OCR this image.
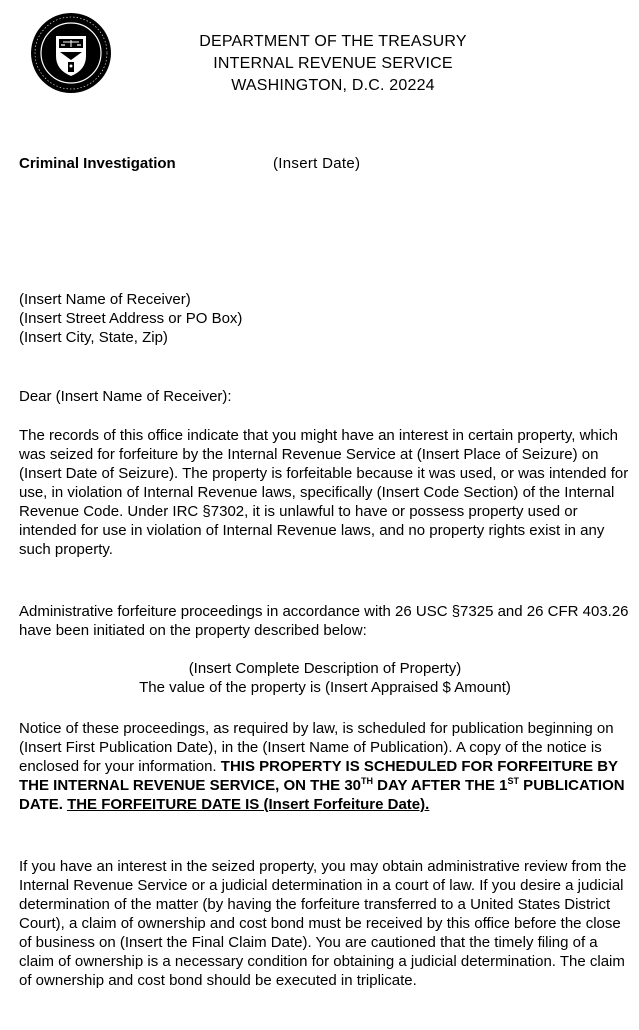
DEPARTMENT OF THE TREASURY
INTERNAL REVENUE SERVICE
WASHINGTON, D.C. 20224
Criminal Investigation	(Insert Date)
(Insert Name of Receiver)
(Insert Street Address or PO Box)
(Insert City, State, Zip)
Dear (Insert Name of Receiver):
The records of this office indicate that you might have an interest in certain property, which was seized for forfeiture by the Internal Revenue Service at (Insert Place of Seizure) on (Insert Date of Seizure). The property is forfeitable because it was used, or was intended for use, in violation of Internal Revenue laws, specifically (Insert Code Section) of the Internal Revenue Code. Under IRC §7302, it is unlawful to have or possess property used or intended for use in violation of Internal Revenue laws, and no property rights exist in any such property.
Administrative forfeiture proceedings in accordance with 26 USC §7325 and 26 CFR 403.26 have been initiated on the property described below:
(Insert Complete Description of Property)
The value of the property is (Insert Appraised $ Amount)
Notice of these proceedings, as required by law, is scheduled for publication beginning on (Insert First Publication Date), in the (Insert Name of Publication). A copy of the notice is enclosed for your information. THIS PROPERTY IS SCHEDULED FOR FORFEITURE BY THE INTERNAL REVENUE SERVICE, ON THE 30TH DAY AFTER THE 1ST PUBLICATION DATE. THE FORFEITURE DATE IS (Insert Forfeiture Date).
If you have an interest in the seized property, you may obtain administrative review from the Internal Revenue Service or a judicial determination in a court of law. If you desire a judicial determination of the matter (by having the forfeiture transferred to a United States District Court), a claim of ownership and cost bond must be received by this office before the close of business on (Insert the Final Claim Date). You are cautioned that the timely filing of a claim of ownership is a necessary condition for obtaining a judicial determination. The claim of ownership and cost bond should be executed in triplicate.
